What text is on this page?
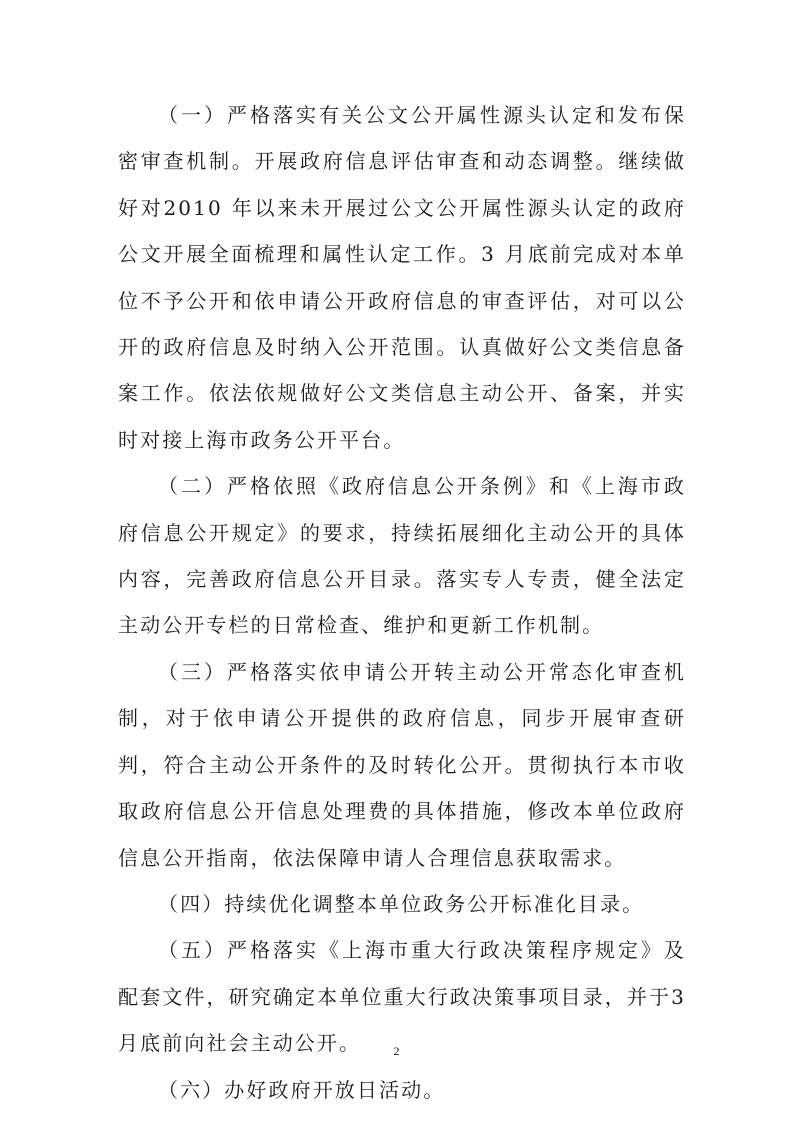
（一）严格落实有关公文公开属性源头认定和发布保密审查机制。开展政府信息评估审查和动态调整。继续做好对2010 年以来未开展过公文公开属性源头认定的政府公文开展全面梳理和属性认定工作。3 月底前完成对本单位不予公开和依申请公开政府信息的审查评估，对可以公开的政府信息及时纳入公开范围。认真做好公文类信息备案工作。依法依规做好公文类信息主动公开、备案，并实时对接上海市政务公开平台。

（二）严格依照《政府信息公开条例》和《上海市政府信息公开规定》的要求，持续拓展细化主动公开的具体内容，完善政府信息公开目录。落实专人专责，健全法定主动公开专栏的日常检查、维护和更新工作机制。

（三）严格落实依申请公开转主动公开常态化审查机制，对于依申请公开提供的政府信息，同步开展审查研判，符合主动公开条件的及时转化公开。贯彻执行本市收取政府信息公开信息处理费的具体措施，修改本单位政府信息公开指南，依法保障申请人合理信息获取需求。

（四）持续优化调整本单位政务公开标准化目录。

（五）严格落实《上海市重大行政决策程序规定》及配套文件，研究确定本单位重大行政决策事项目录，并于3 月底前向社会主动公开。

（六）办好政府开放日活动。

2
